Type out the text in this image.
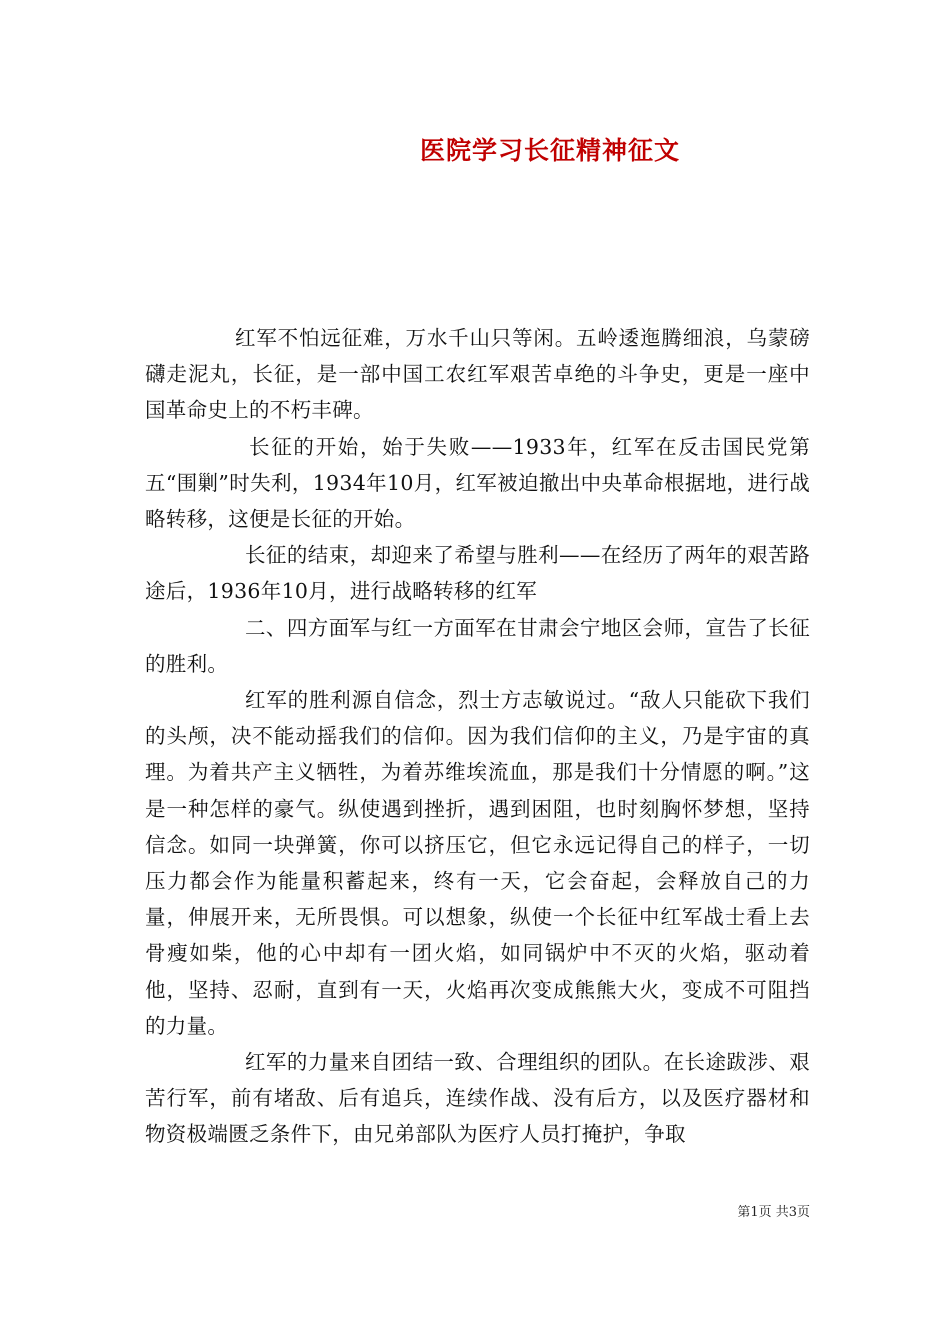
医院学习长征精神征文

红军不怕远征难，万水千山只等闲。五岭逶迤腾细浪，乌蒙磅礴走泥丸，长征，是一部中国工农红军艰苦卓绝的斗争史，更是一座中国革命史上的不朽丰碑。

长征的开始，始于失败——1933年，红军在反击国民党第五“围剿”时失利，1934年10月，红军被迫撤出中央革命根据地，进行战略转移，这便是长征的开始。

长征的结束，却迎来了希望与胜利——在经历了两年的艰苦路途后，1936年10月，进行战略转移的红军

二、四方面军与红一方面军在甘肃会宁地区会师，宣告了长征的胜利。

红军的胜利源自信念，烈士方志敏说过。“敌人只能砍下我们的头颅，决不能动摇我们的信仰。因为我们信仰的主义，乃是宇宙的真理。为着共产主义牺牲，为着苏维埃流血，那是我们十分情愿的啊。”这是一种怎样的豪气。纵使遇到挫折，遇到困阻，也时刻胸怀梦想，坚持信念。如同一块弹簧，你可以挤压它，但它永远记得自己的样子，一切压力都会作为能量积蓄起来，终有一天，它会奋起，会释放自己的力量，伸展开来，无所畏惧。可以想象，纵使一个长征中红军战士看上去骨瘦如柴，他的心中却有一团火焰，如同锅炉中不灭的火焰，驱动着他，坚持、忍耐，直到有一天，火焰再次变成熊熊大火，变成不可阻挡的力量。

红军的力量来自团结一致、合理组织的团队。在长途跋涉、艰苦行军，前有堵敌、后有追兵，连续作战、没有后方，以及医疗器材和物资极端匮乏条件下，由兄弟部队为医疗人员打掩护，争取

第1页 共3页
